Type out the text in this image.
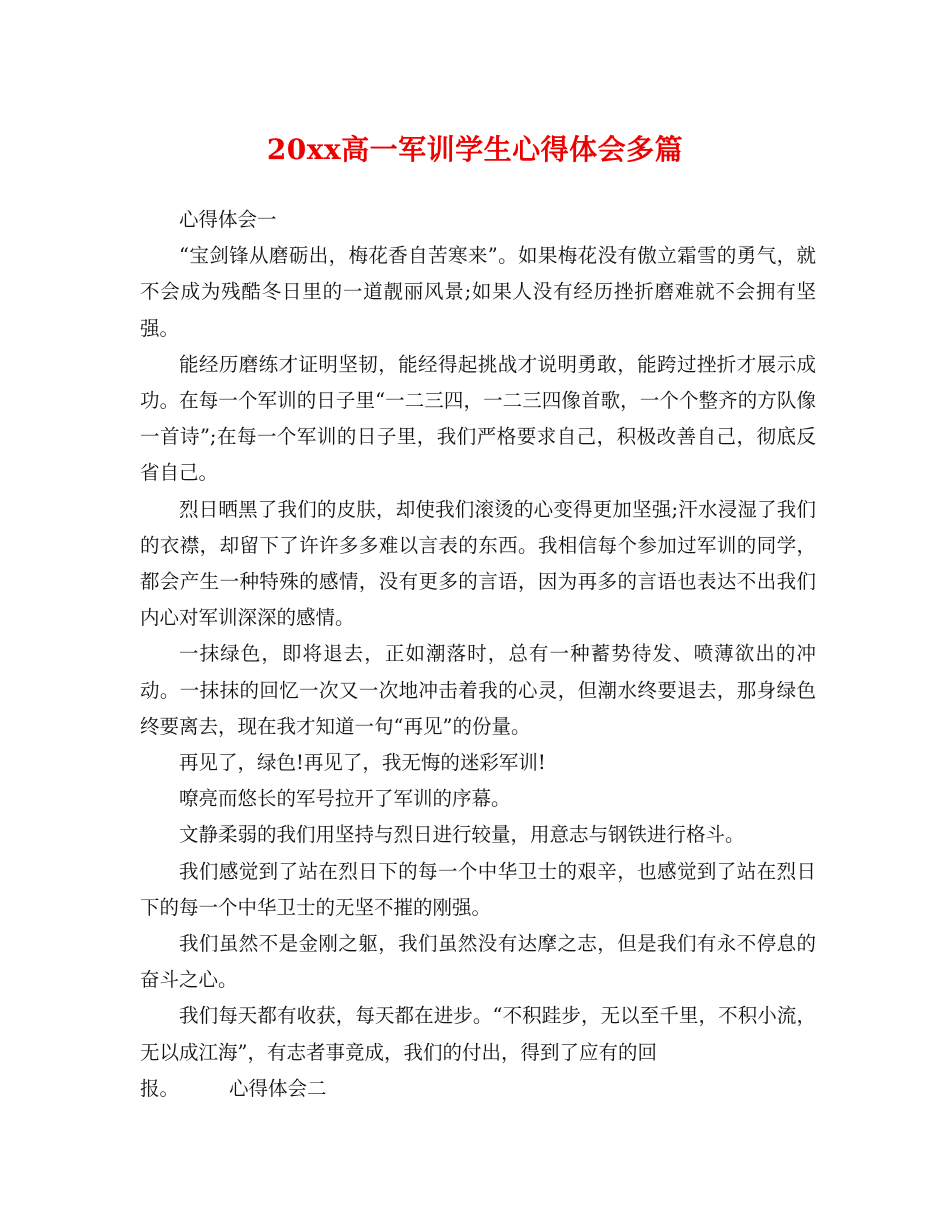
20xx高一军训学生心得体会多篇

心得体会一

“宝剑锋从磨砺出，梅花香自苦寒来”。如果梅花没有傲立霜雪的勇气，就不会成为残酷冬日里的一道靓丽风景;如果人没有经历挫折磨难就不会拥有坚强。

能经历磨练才证明坚韧，能经得起挑战才说明勇敢，能跨过挫折才展示成功。在每一个军训的日子里“一二三四，一二三四像首歌，一个个整齐的方队像一首诗”;在每一个军训的日子里，我们严格要求自己，积极改善自己，彻底反省自己。

烈日晒黑了我们的皮肤，却使我们滚烫的心变得更加坚强;汗水浸湿了我们的衣襟，却留下了许许多多难以言表的东西。我相信每个参加过军训的同学，都会产生一种特殊的感情，没有更多的言语，因为再多的言语也表达不出我们内心对军训深深的感情。

一抹绿色，即将退去，正如潮落时，总有一种蓄势待发、喷薄欲出的冲动。一抹抹的回忆一次又一次地冲击着我的心灵，但潮水终要退去，那身绿色终要离去，现在我才知道一句“再见”的份量。

再见了，绿色!再见了，我无悔的迷彩军训!

嘹亮而悠长的军号拉开了军训的序幕。

文静柔弱的我们用坚持与烈日进行较量，用意志与钢铁进行格斗。

我们感觉到了站在烈日下的每一个中华卫士的艰辛，也感觉到了站在烈日下的每一个中华卫士的无坚不摧的刚强。

我们虽然不是金刚之躯，我们虽然没有达摩之志，但是我们有永不停息的奋斗之心。

我们每天都有收获，每天都在进步。“不积跬步，无以至千里，不积小流，无以成江海”，有志者事竟成，我们的付出，得到了应有的回

报。	心得体会二
